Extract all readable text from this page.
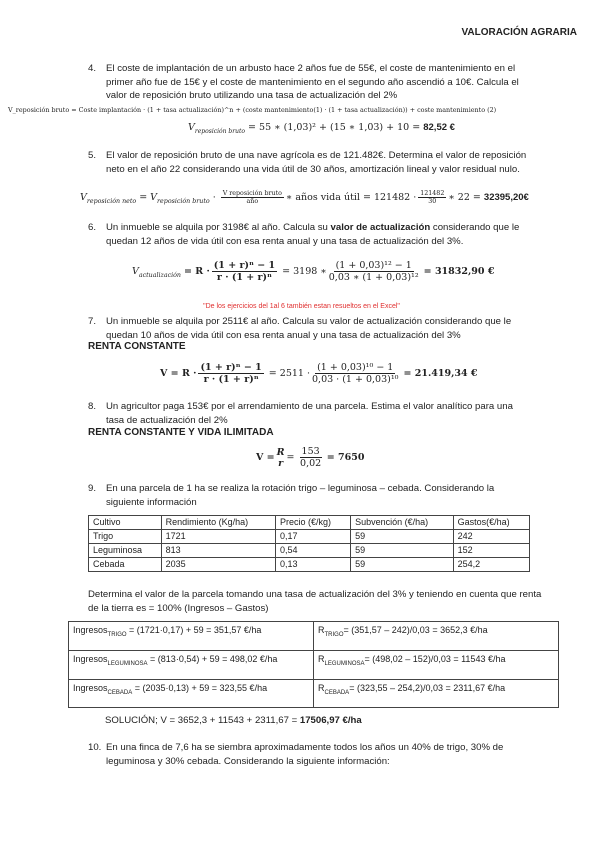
VALORACIÓN AGRARIA
4. El coste de implantación de un arbusto hace 2 años fue de 55€, el coste de mantenimiento en el primer año fue de 15€ y el coste de mantenimiento en el segundo año ascendió a 10€. Calcula el valor de reposición bruto utilizando una tasa de actualización del 2%
V_reposición bruto = Coste implantación · (1 + tasa actualización)^n + (coste mantenimiento(1) · (1 + tasa actualización)) + coste mantenimiento (2)
$V_{reposición bruto} = 55$ ∗ (1,03)² + (15 ∗ 1,03) + 10 = 82,52 €
5. El valor de reposición bruto de una nave agrícola es de 121.482€. Determina el valor de reposición neto en el año 22 considerando una vida útil de 30 años, amortización lineal y valor residual nulo.
$V_{reposición neto} = V_{reposición bruto} \cdot \frac{\text{V reposición bruto}}{\text{año}}$ ∗ años vida útil = $121482 \cdot \frac{121482}{30}$ ∗ 22 = 32395,20€
6. Un inmueble se alquila por 3198€ al año. Calcula su valor de actualización considerando que le quedan 12 años de vida útil con esa renta anual y una tasa de actualización del 3%.
$V_{actualización} = R \cdot \frac{\text{(1 + r)ⁿ − 1}}{\text{r · (1 + r)ⁿ}} = 3198$ ∗ $\frac{\text{(1 + 0,03)¹² − 1}}{\text{0,03 ∗ (1 + 0,03)¹²}} = 31832,90$ €
"De los ejercicios del 1al 6 también estan resueltos en el Excel"
7. Un inmueble se alquila por 2511€ al año. Calcula su valor de actualización considerando que le quedan 10 años de vida útil con esa renta anual y una tasa de actualización del 3%
RENTA CONSTANTE
$V = R \cdot \frac{\text{(1 + r)ⁿ − 1}}{\text{r · (1 + r)ⁿ}} = 2511 \cdot \frac{\text{(1 + 0,03)¹⁰ − 1}}{\text{0,03 · (1 + 0,03)¹⁰}} = 21.419,34$ €
8. Un agricultor paga 153€ por el arrendamiento de una parcela. Estima el valor analítico para una tasa de actualización del 2%
RENTA CONSTANTE Y VIDA ILIMITADA
V = R
$r = \frac{153}{0,02} = 7650$
9. En una parcela de 1 ha se realiza la rotación trigo – leguminosa – cebada. Considerando la siguiente información
Cultivo	Rendimiento (Kg/ha)	Precio (€/kg)	Subvención (€/ha)	Gastos(€/ha)
Trigo	1721	0,17	59	242
Leguminosa	813	0,54	59	152
Cebada	2035	0,13	59	254,2
Determina el valor de la parcela tomando una tasa de actualización del 3% y teniendo en cuenta que renta de la tierra es = 100% (Ingresos – Gastos)
Ingresos$_{TRIGO}$ = (1721·0,17) + 59 = 351,57 €/ha	$R_{TRIGO}= (351,57 - 242)/0,03 = 3652,3$ €/ha
Ingresos$_{LEGUMINOSA}$ = (813·0,54) + 59 = 498,02 €/ha	$R_{LEGUMINOSA}= (498,02 - 152)/0,03 = 11543$ €/ha
Ingresos$_{CEBADA}$ = (2035·0,13) + 59 = 323,55 €/ha	$R_{CEBADA}= (323,55 - 254,2)/0,03 = 2311,67$ €/ha
SOLUCIÓN; V = 3652,3 + 11543 + 2311,67 = 17506,97 €/ha
10. En una finca de 7,6 ha se siembra aproximadamente todos los años un 40% de trigo, 30% de leguminosa y 30% cebada. Considerando la siguiente información:
